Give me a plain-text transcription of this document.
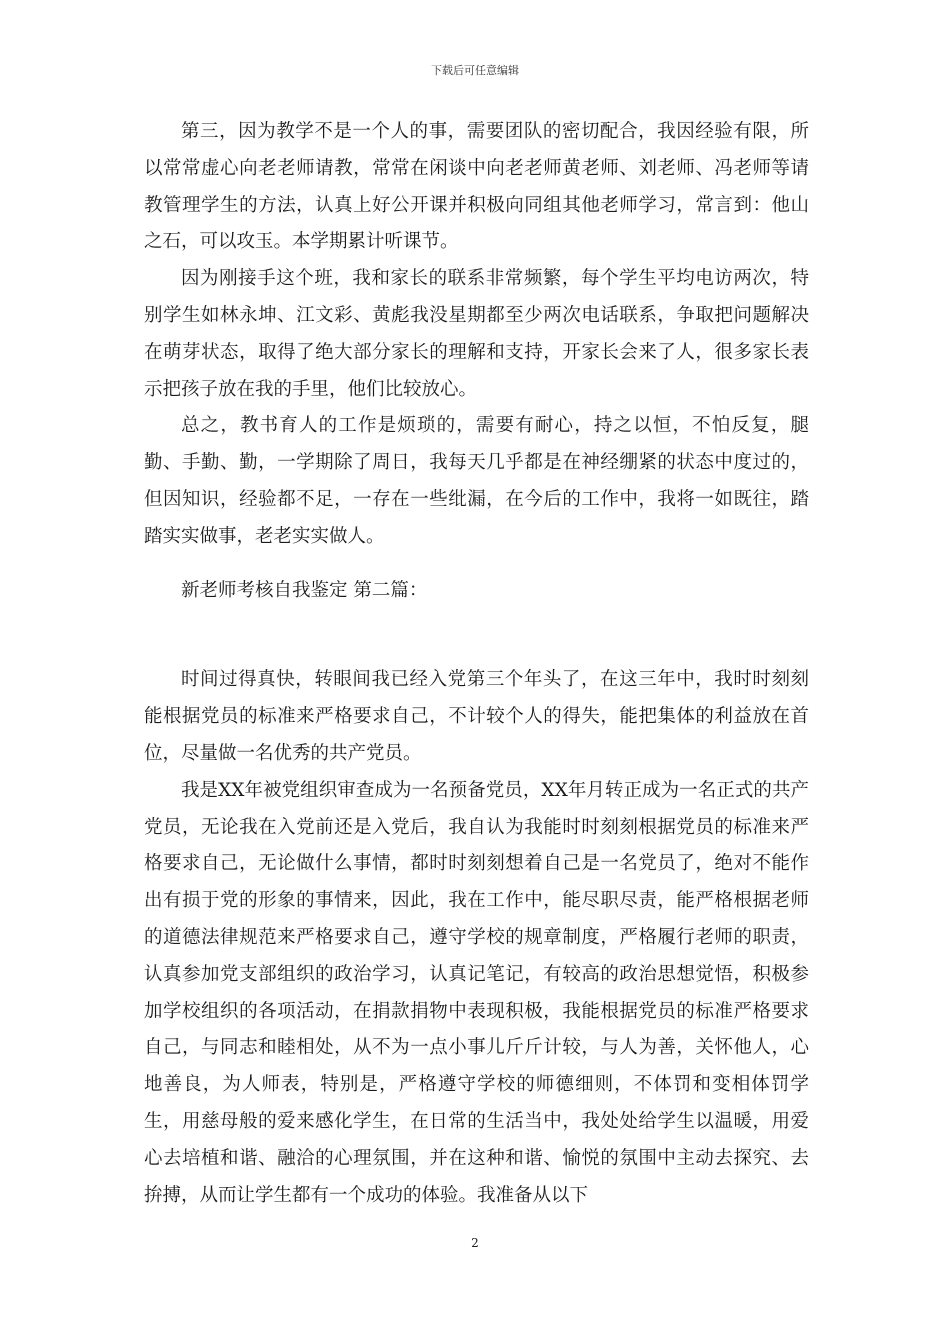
下载后可任意编辑

第三，因为教学不是一个人的事，需要团队的密切配合，我因经验有限，所以常常虚心向老老师请教，常常在闲谈中向老老师黄老师、刘老师、冯老师等请教管理学生的方法，认真上好公开课并积极向同组其他老师学习，常言到：他山之石，可以攻玉。本学期累计听课节。

因为刚接手这个班，我和家长的联系非常频繁，每个学生平均电访两次，特别学生如林永坤、江文彩、黄彪我没星期都至少两次电话联系，争取把问题解决在萌芽状态，取得了绝大部分家长的理解和支持，开家长会来了人，很多家长表示把孩子放在我的手里，他们比较放心。

总之，教书育人的工作是烦琐的，需要有耐心，持之以恒，不怕反复，腿勤、手勤、勤，一学期除了周日，我每天几乎都是在神经绷紧的状态中度过的，但因知识，经验都不足，一存在一些纰漏，在今后的工作中，我将一如既往，踏踏实实做事，老老实实做人。

新老师考核自我鉴定 第二篇：

时间过得真快，转眼间我已经入党第三个年头了，在这三年中，我时时刻刻能根据党员的标准来严格要求自己，不计较个人的得失，能把集体的利益放在首位，尽量做一名优秀的共产党员。

我是XX年被党组织审查成为一名预备党员，XX年月转正成为一名正式的共产党员，无论我在入党前还是入党后，我自认为我能时时刻刻根据党员的标准来严格要求自己，无论做什么事情，都时时刻刻想着自己是一名党员了，绝对不能作出有损于党的形象的事情来，因此，我在工作中，能尽职尽责，能严格根据老师的道德法律规范来严格要求自己，遵守学校的规章制度，严格履行老师的职责，认真参加党支部组织的政治学习，认真记笔记，有较高的政治思想觉悟，积极参加学校组织的各项活动，在捐款捐物中表现积极，我能根据党员的标准严格要求自己，与同志和睦相处，从不为一点小事儿斤斤计较，与人为善，关怀他人，心地善良，为人师表，特别是，严格遵守学校的师德细则，不体罚和变相体罚学生，用慈母般的爱来感化学生，在日常的生活当中，我处处给学生以温暖，用爱心去培植和谐、融洽的心理氛围，并在这种和谐、愉悦的氛围中主动去探究、去拚搏，从而让学生都有一个成功的体验。我准备从以下

2
